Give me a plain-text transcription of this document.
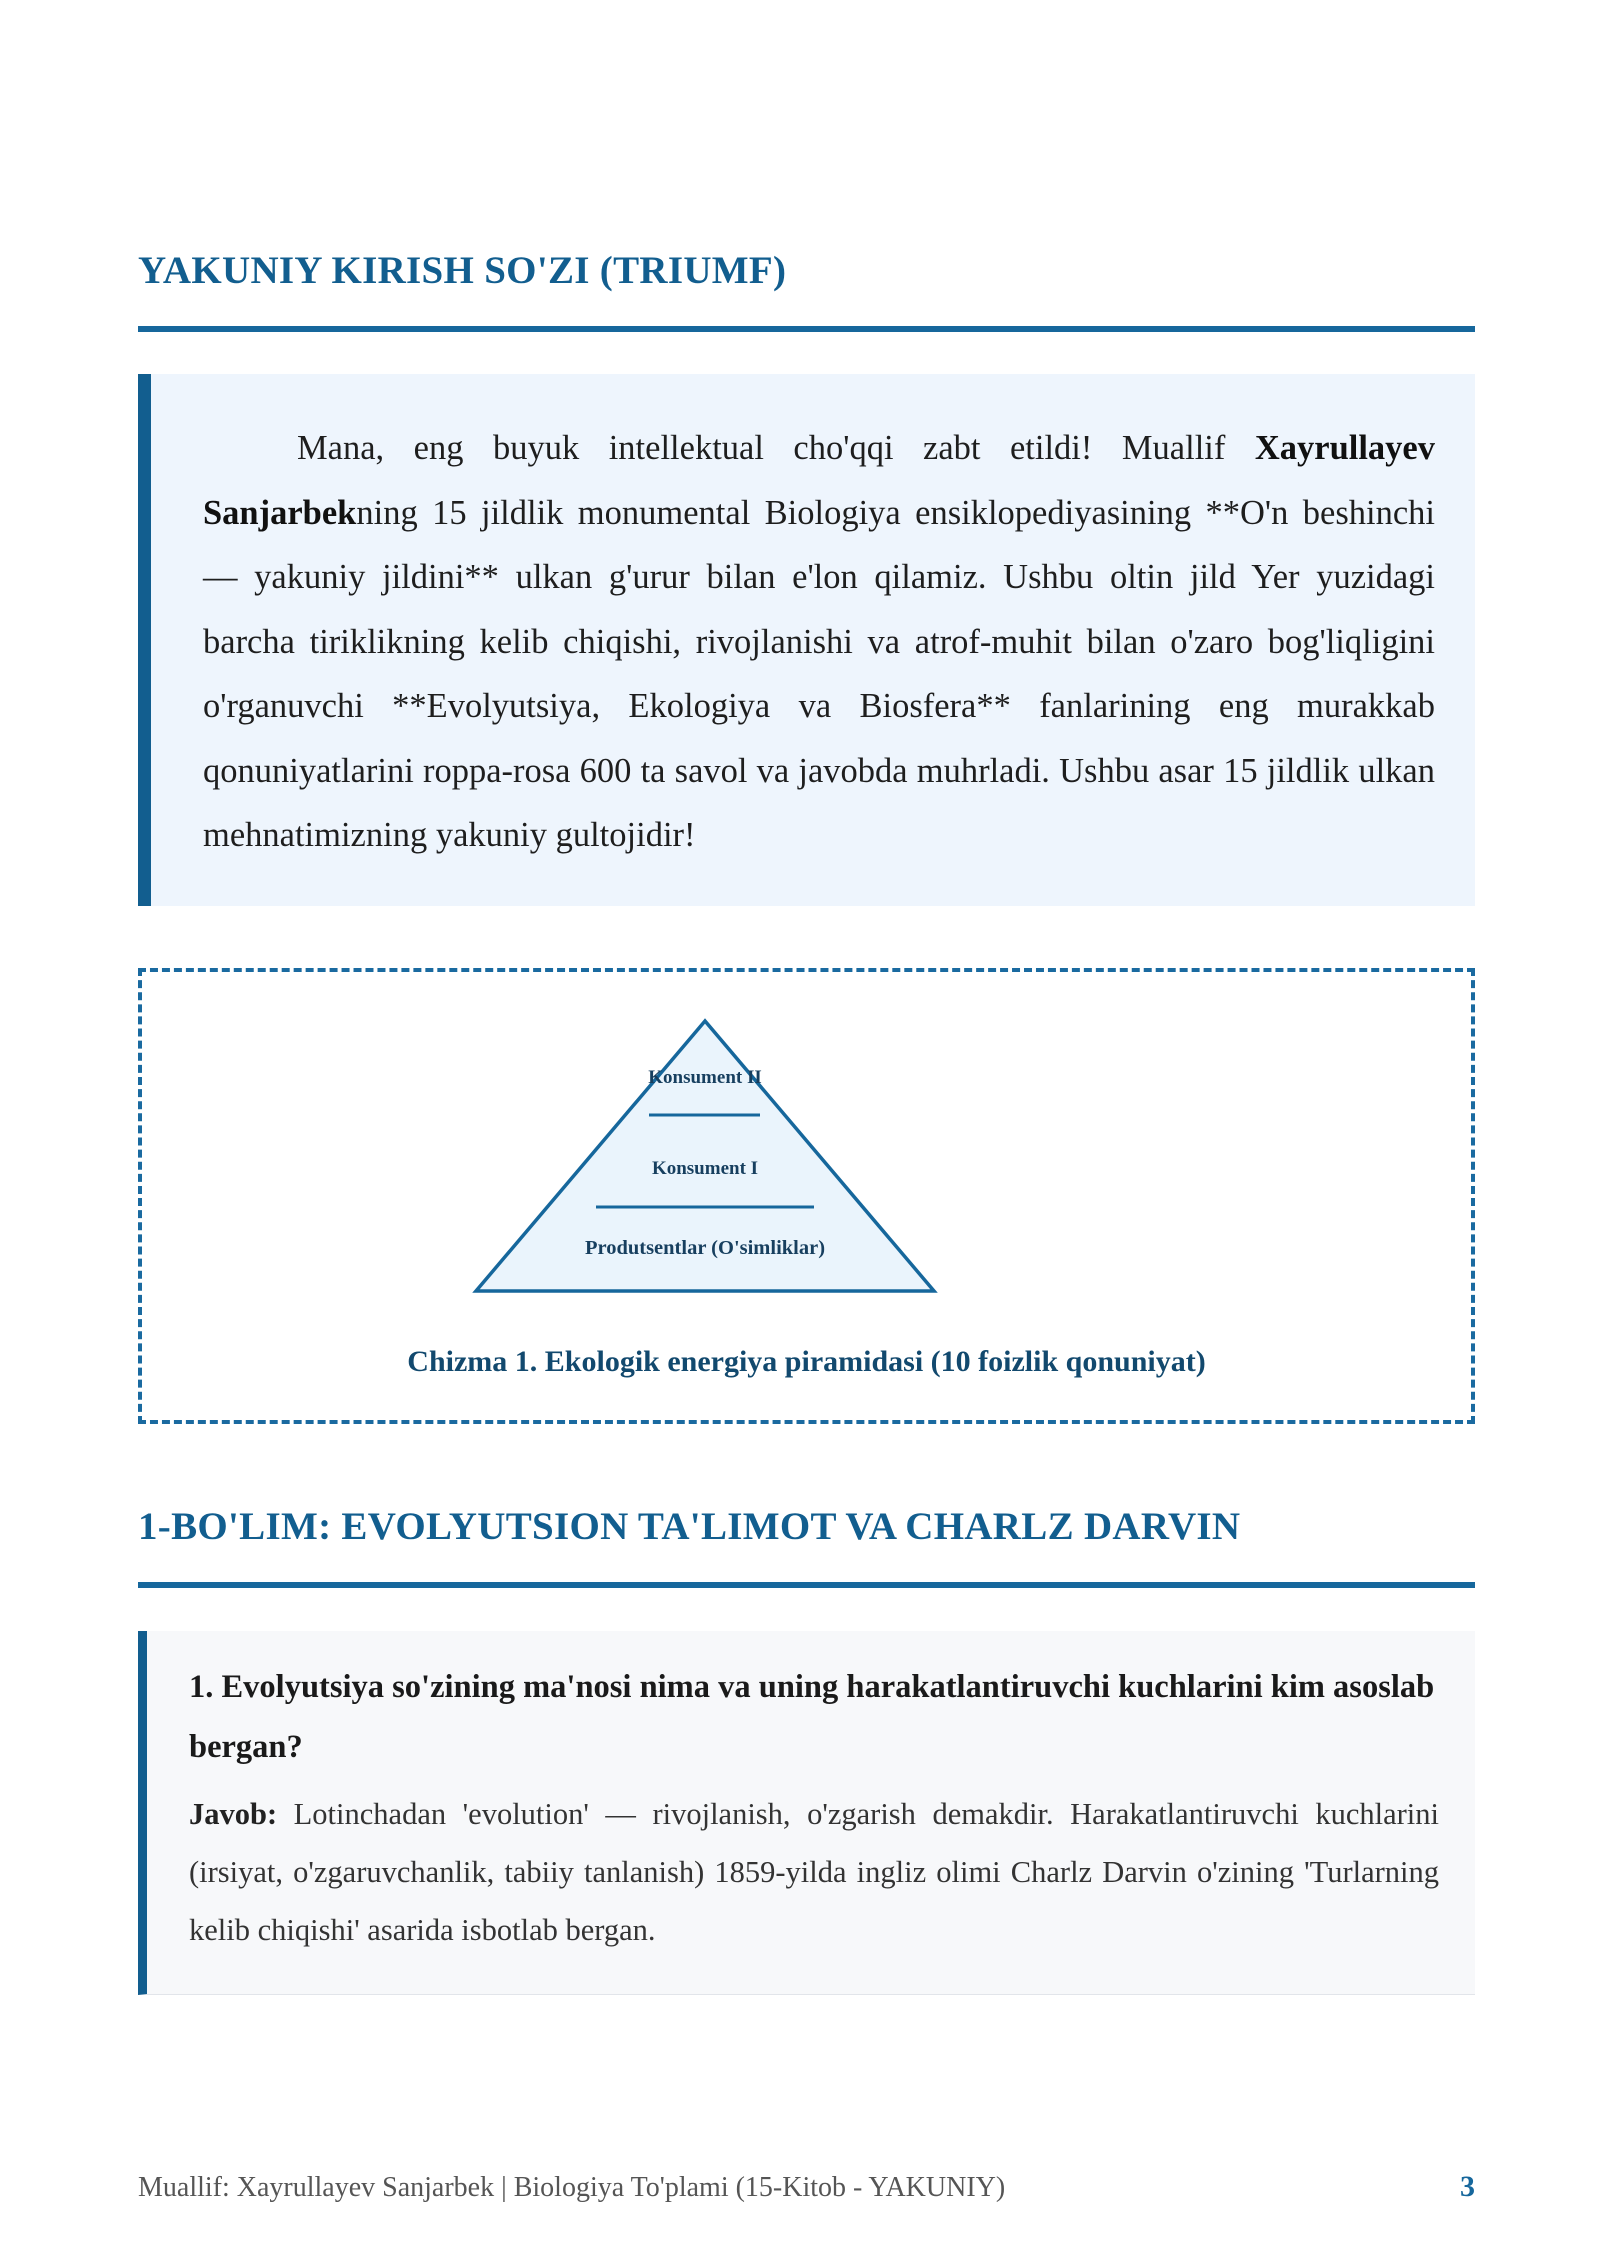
YAKUNIY KIRISH SO'ZI (TRIUMF)

Mana, eng buyuk intellektual cho'qqi zabt etildi! Muallif Xayrullayev Sanjarbekning 15 jildlik monumental Biologiya ensiklopediyasining **O'n beshinchi — yakuniy jildini** ulkan g'urur bilan e'lon qilamiz. Ushbu oltin jild Yer yuzidagi barcha tiriklikning kelib chiqishi, rivojlanishi va atrof-muhit bilan o'zaro bog'liqligini o'rganuvchi **Evolyutsiya, Ekologiya va Biosfera** fanlarining eng murakkab qonuniyatlarini roppa-rosa 600 ta savol va javobda muhrladi. Ushbu asar 15 jildlik ulkan mehnatimizning yakuniy gultojidir!

Konsument II
Konsument I
Produtsentlar (O'simliklar)
Chizma 1. Ekologik energiya piramidasi (10 foizlik qonuniyat)
1-BO'LIM: EVOLYUTSION TA'LIMOT VA CHARLZ DARVIN
1. Evolyutsiya so'zining ma'nosi nima va uning harakatlantiruvchi kuchlarini kim asoslab bergan?
Javob: Lotinchadan 'evolution' — rivojlanish, o'zgarish demakdir. Harakatlantiruvchi kuchlarini (irsiyat, o'zgaruvchanlik, tabiiy tanlanish) 1859-yilda ingliz olimi Charlz Darvin o'zining 'Turlarning kelib chiqishi' asarida isbotlab bergan.
Muallif: Xayrullayev Sanjarbek | Biologiya To'plami (15-Kitob - YAKUNIY)	3
